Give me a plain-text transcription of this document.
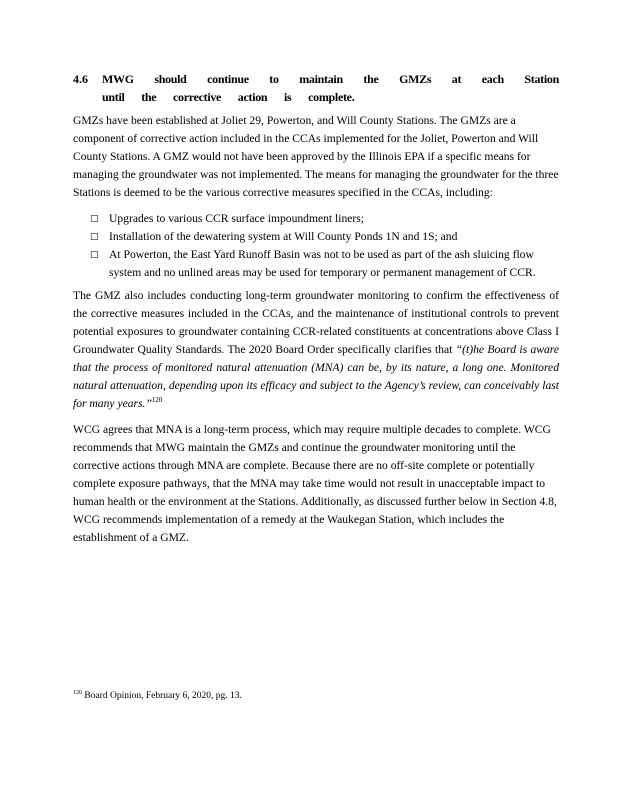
4.6	MWG should continue to maintain the GMZs at each Station until the corrective action is complete.

GMZs have been established at Joliet 29, Powerton, and Will County Stations. The GMZs are a component of corrective action included in the CCAs implemented for the Joliet, Powerton and Will County Stations. A GMZ would not have been approved by the Illinois EPA if a specific means for managing the groundwater was not implemented. The means for managing the groundwater for the three Stations is deemed to be the various corrective measures specified in the CCAs, including:

□ Upgrades to various CCR surface impoundment liners;
□ Installation of the dewatering system at Will County Ponds 1N and 1S; and
□ At Powerton, the East Yard Runoff Basin was not to be used as part of the ash sluicing flow system and no unlined areas may be used for temporary or permanent management of CCR.

The GMZ also includes conducting long-term groundwater monitoring to confirm the effectiveness of the corrective measures included in the CCAs, and the maintenance of institutional controls to prevent potential exposures to groundwater containing CCR-related constituents at concentrations above Class I Groundwater Quality Standards. The 2020 Board Order specifically clarifies that “(t)he Board is aware that the process of monitored natural attenuation (MNA) can be, by its nature, a long one. Monitored natural attenuation, depending upon its efficacy and subject to the Agency’s review, can conceivably last for many years.”$^{120}$

WCG agrees that MNA is a long-term process, which may require multiple decades to complete. WCG recommends that MWG maintain the GMZs and continue the groundwater monitoring until the corrective actions through MNA are complete. Because there are no off-site complete or potentially complete exposure pathways, that the MNA may take time would not result in unacceptable impact to human health or the environment at the Stations. Additionally, as discussed further below in Section 4.8, WCG recommends implementation of a remedy at the Waukegan Station, which includes the establishment of a GMZ.

$^{120}$ Board Opinion, February 6, 2020, pg. 13.
